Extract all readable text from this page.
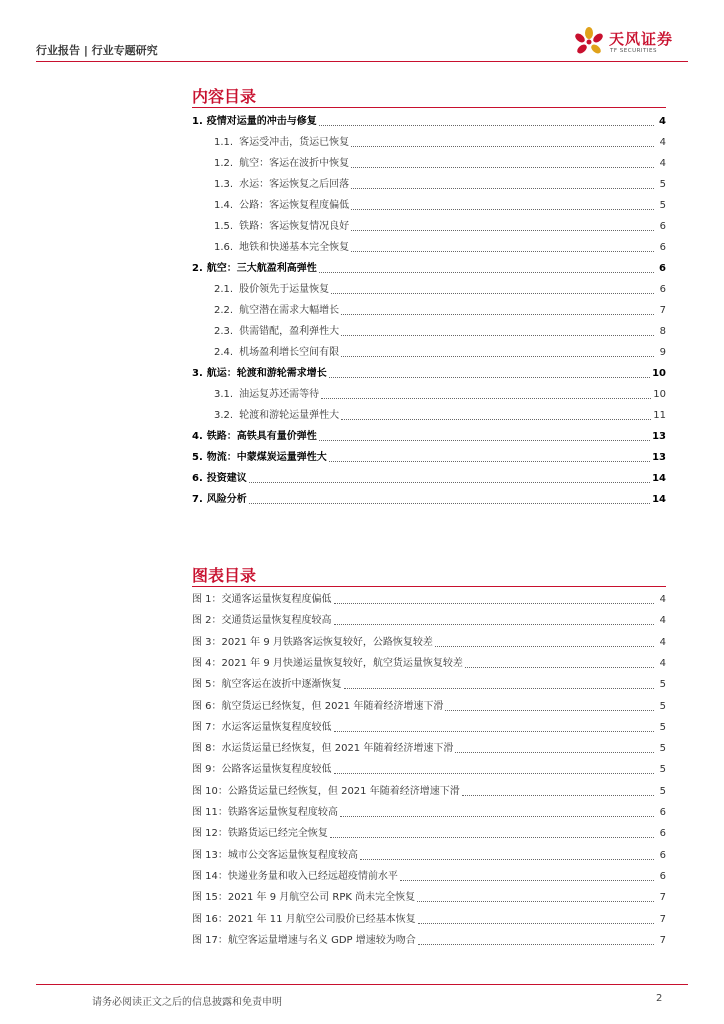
行业报告 | 行业专题研究
天风证券
TF SECURITIES
内容目录
1. 疫情对运量的冲击与修复	4
1.1. 客运受冲击，货运已恢复	4
1.2. 航空：客运在波折中恢复	4
1.3. 水运：客运恢复之后回落	5
1.4. 公路：客运恢复程度偏低	5
1.5. 铁路：客运恢复情况良好	6
1.6. 地铁和快递基本完全恢复	6
2. 航空：三大航盈利高弹性	6
2.1. 股价领先于运量恢复	6
2.2. 航空潜在需求大幅增长	7
2.3. 供需错配，盈利弹性大	8
2.4. 机场盈利增长空间有限	9
3. 航运：轮渡和游轮需求增长	10
3.1. 油运复苏还需等待	10
3.2. 轮渡和游轮运量弹性大	11
4. 铁路：高铁具有量价弹性	13
5. 物流：中蒙煤炭运量弹性大	13
6. 投资建议	14
7. 风险分析	14
图表目录
图 1： 交通客运量恢复程度偏低	4
图 2： 交通货运量恢复程度较高	4
图 3： 2021 年 9 月铁路客运恢复较好，公路恢复较差	4
图 4： 2021 年 9 月快递运量恢复较好，航空货运量恢复较差	4
图 5： 航空客运在波折中逐渐恢复	5
图 6： 航空货运已经恢复，但 2021 年随着经济增速下滑	5
图 7： 水运客运量恢复程度较低	5
图 8： 水运货运量已经恢复，但 2021 年随着经济增速下滑	5
图 9： 公路客运量恢复程度较低	5
图 10： 公路货运量已经恢复，但 2021 年随着经济增速下滑	5
图 11： 铁路客运量恢复程度较高	6
图 12： 铁路货运已经完全恢复	6
图 13： 城市公交客运量恢复程度较高	6
图 14： 快递业务量和收入已经远超疫情前水平	6
图 15： 2021 年 9 月航空公司 RPK 尚未完全恢复	7
图 16： 2021 年 11 月航空公司股价已经基本恢复	7
图 17： 航空客运量增速与名义 GDP 增速较为吻合	7
请务必阅读正文之后的信息披露和免责申明	2
